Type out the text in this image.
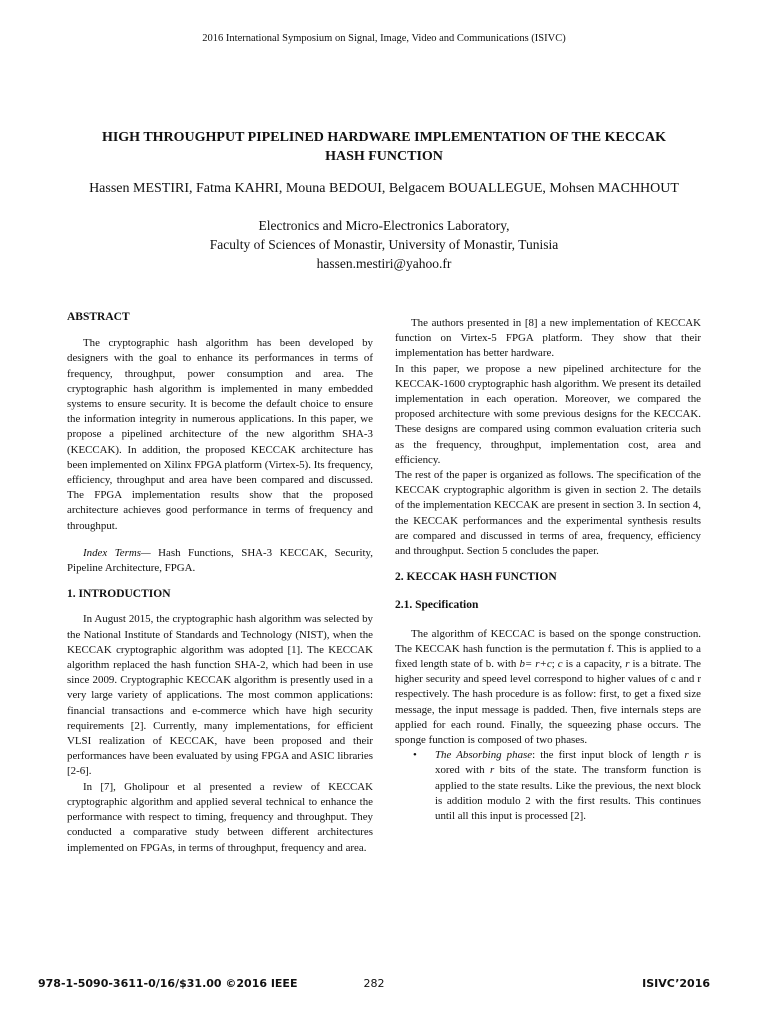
2016 International Symposium on Signal, Image, Video and Communications (ISIVC)
HIGH THROUGHPUT PIPELINED HARDWARE IMPLEMENTATION OF THE KECCAK
HASH FUNCTION
Hassen MESTIRI, Fatma KAHRI, Mouna BEDOUI, Belgacem BOUALLEGUE, Mohsen MACHHOUT
Electronics and Micro-Electronics Laboratory,
Faculty of Sciences of Monastir, University of Monastir, Tunisia
hassen.mestiri@yahoo.fr

ABSTRACT

The cryptographic hash algorithm has been developed by designers with the goal to enhance its performances in terms of frequency, throughput, power consumption and area. The cryptographic hash algorithm is implemented in many embedded systems to ensure security. It is become the default choice to ensure the information integrity in numerous applications. In this paper, we propose a pipelined architecture of the new algorithm SHA-3 (KECCAK). In addition, the proposed KECCAK architecture has been implemented on Xilinx FPGA platform (Virtex-5). Its frequency, efficiency, throughput and area have been compared and discussed. The FPGA implementation results show that the proposed architecture achieves good performance in terms of frequency and throughput.

Index Terms— Hash Functions, SHA-3 KECCAK, Security, Pipeline Architecture, FPGA.

1. INTRODUCTION

In August 2015, the cryptographic hash algorithm was selected by the National Institute of Standards and Technology (NIST), when the KECCAK cryptographic algorithm was adopted [1]. The KECCAK algorithm replaced the hash function SHA-2, which had been in use since 2009. Cryptographic KECCAK algorithm is presently used in a very large variety of applications. The most common applications: financial transactions and e-commerce which have high security requirements [2]. Currently, many implementations, for efficient VLSI realization of KECCAK, have been proposed and their performances have been evaluated by using FPGA and ASIC libraries [2-6].

In [7], Gholipour et al presented a review of KECCAK cryptographic algorithm and applied several technical to enhance the performance with respect to timing, frequency and throughput. They conducted a comparative study between different architectures implemented on FPGAs, in terms of throughput, frequency and area.

The authors presented in [8] a new implementation of KECCAK function on Virtex-5 FPGA platform. They show that their implementation has better hardware.

In this paper, we propose a new pipelined architecture for the KECCAK-1600 cryptographic hash algorithm. We present its detailed implementation in each operation. Moreover, we compared the proposed architecture with some previous designs for the KECCAK. These designs are compared using common evaluation criteria such as the frequency, throughput, implementation cost, area and efficiency.

The rest of the paper is organized as follows. The specification of the KECCAK cryptographic algorithm is given in section 2. The details of the implementation KECCAK are present in section 3. In section 4, the KECCAK performances and the experimental synthesis results are compared and discussed in terms of area, frequency, efficiency and throughput. Section 5 concludes the paper.

2. KECCAK HASH FUNCTION

2.1. Specification

The algorithm of KECCAC is based on the sponge construction. The KECCAK hash function is the permutation f. This is applied to a fixed length state of b. with b= r+c; c is a capacity, r is a bitrate. The higher security and speed level correspond to higher values of c and r respectively. The hash procedure is as follow: first, to get a fixed size message, the input message is padded. Then, five internals steps are applied for each round. Finally, the squeezing phase occurs. The sponge function is composed of two phases.

•	The Absorbing phase: the first input block of length r is xored with r bits of the state. The transform function is applied to the state results. Like the previous, the next block is addition modulo 2 with the first results. This continues until all this input is processed [2].
978-1-5090-3611-0/16/$31.00 ©2016 IEEE	282	ISIVC’2016
